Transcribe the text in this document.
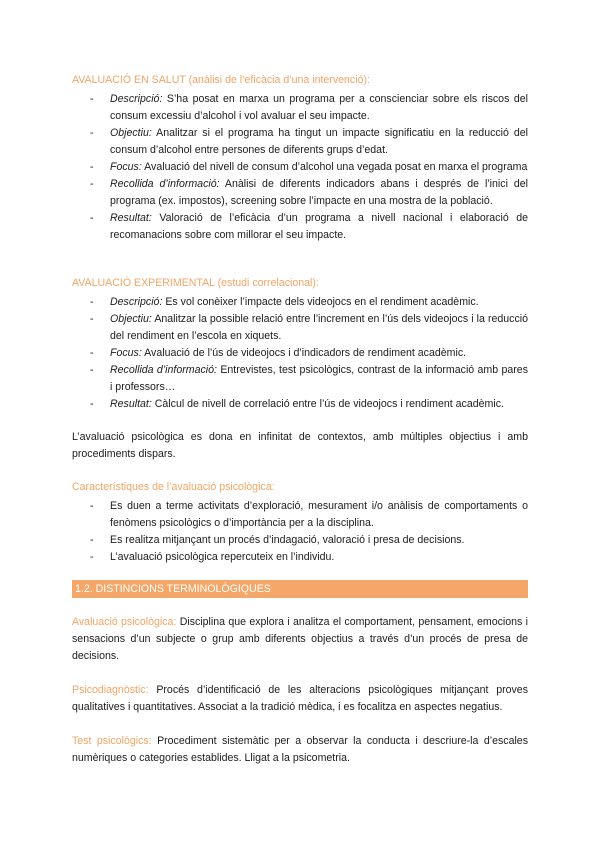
AVALUACIÓ EN SALUT (anàlisi de l’eficàcia d’una intervenció):
- Descripció: S’ha posat en marxa un programa per a conscienciar sobre els riscos del consum excessiu d’alcohol i vol avaluar el seu impacte.
- Objectiu: Analitzar si el programa ha tingut un impacte significatiu en la reducció del consum d’alcohol entre persones de diferents grups d’edat.
- Focus: Avaluació del nivell de consum d’alcohol una vegada posat en marxa el programa
- Recollida d’informació: Anàlisi de diferents indicadors abans i després de l’inici del programa (ex. impostos), screening sobre l’impacte en una mostra de la població.
- Resultat: Valoració de l’eficàcia d’un programa a nivell nacional i elaboració de recomanacions sobre com millorar el seu impacte.
AVALUACIÓ EXPERIMENTAL (estudi correlacional):
- Descripció: Es vol conèixer l’impacte dels videojocs en el rendiment acadèmic.
- Objectiu: Analitzar la possible relació entre l’increment en l’ús dels videojocs i la reducció del rendiment en l’escola en xiquets.
- Focus: Avaluació de l’ús de videojocs i d’indicadors de rendiment acadèmic.
- Recollida d’informació: Entrevistes, test psicològics, contrast de la informació amb pares i professors…
- Resultat: Càlcul de nivell de correlació entre l’ús de videojocs i rendiment acadèmic.

L’avaluació psicològica es dona en infinitat de contextos, amb múltiples objectius i amb procediments dispars.

Característiques de l’avaluació psicològica:
- Es duen a terme activitats d’exploració, mesurament i/o anàlisis de comportaments o fenòmens psicològics o d’importància per a la disciplina.
- Es realitza mitjançant un procés d’indagació, valoració i presa de decisions.
- L’avaluació psicològica repercuteix en l’individu.
1.2. DISTINCIONS TERMINOLÒGIQUES

Avaluació psicològica: Disciplina que explora i analitza el comportament, pensament, emocions i sensacions d’un subjecte o grup amb diferents objectius a través d’un procés de presa de decisions.

Psicodiagnòstic: Procés d’identificació de les alteracions psicològiques mitjançant proves qualitatives i quantitatives. Associat a la tradició mèdica, i es focalitza en aspectes negatius.

Test psicològics: Procediment sistemàtic per a observar la conducta i descriure-la d’escales numèriques o categories establides. Lligat a la psicometria.
